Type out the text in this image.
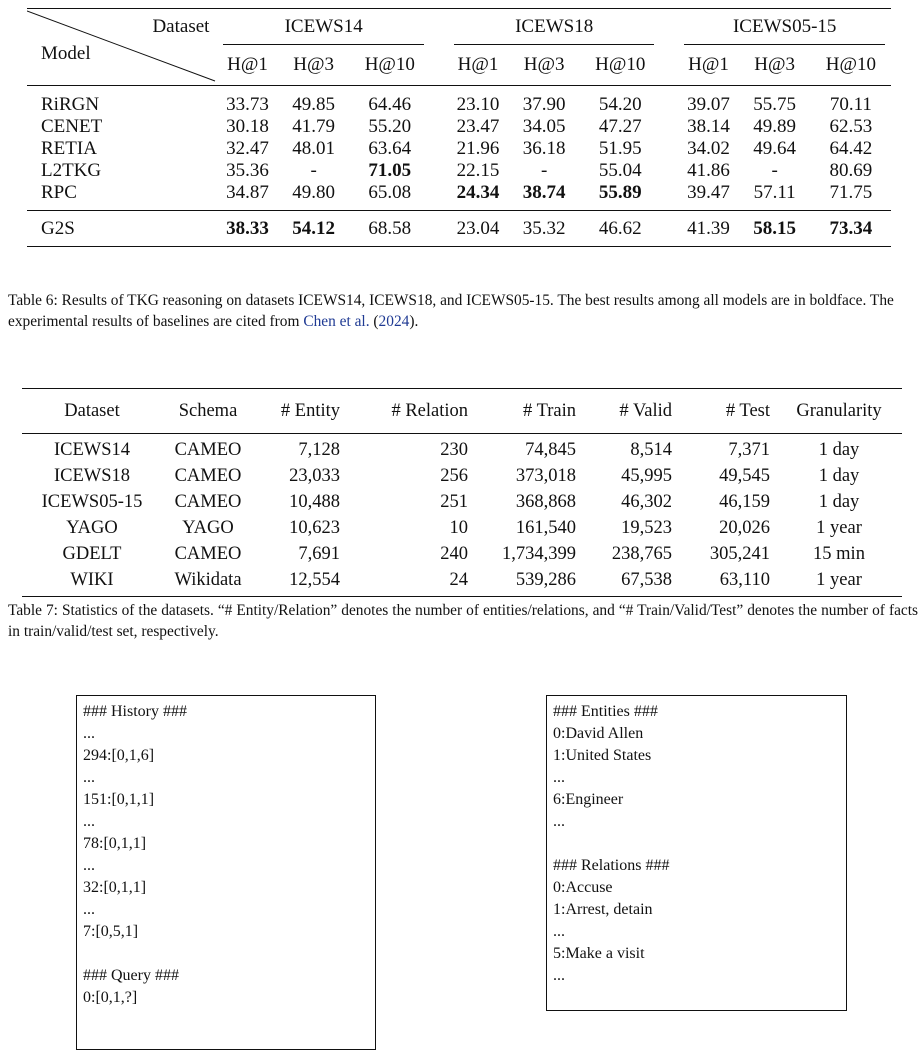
Dataset
Model	ICEWS14				ICEWS18				ICEWS05-15		

	H@1	H@3	H@10		H@1	H@3	H@10		H@1	H@3	H@10

RiRGN	33.73	49.85	64.46		23.10	37.90	54.20		39.07	55.75	70.11
CENET	30.18	41.79	55.20		23.47	34.05	47.27		38.14	49.89	62.53
RETIA	32.47	48.01	63.64		21.96	36.18	51.95		34.02	49.64	64.42
L2TKG	35.36	-	71.05		22.15	-	55.04		41.86	-	80.69
RPC	34.87	49.80	65.08		24.34	38.74	55.89		39.47	57.11	71.75

G2S	38.33	54.12	68.58		23.04	35.32	46.62		41.39	58.15	73.34
Table 6: Results of TKG reasoning on datasets ICEWS14, ICEWS18, and ICEWS05-15. The best results among all models are in boldface. The experimental results of baselines are cited from Chen et al. (2024).
Dataset	Schema	# Entity	# Relation	# Train	# Valid	# Test	Granularity
ICEWS14	CAMEO	7,128	230	74,845	8,514	7,371	1 day
ICEWS18	CAMEO	23,033	256	373,018	45,995	49,545	1 day
ICEWS05-15	CAMEO	10,488	251	368,868	46,302	46,159	1 day
YAGO	YAGO	10,623	10	161,540	19,523	20,026	1 year
GDELT	CAMEO	7,691	240	1,734,399	238,765	305,241	15 min
WIKI	Wikidata	12,554	24	539,286	67,538	63,110	1 year
Table 7: Statistics of the datasets. “# Entity/Relation” denotes the number of entities/relations, and “# Train/Valid/Test” denotes the number of facts in train/valid/test set, respectively.
### History ###
...
294:[0,1,6]
...
151:[0,1,1]
...
78:[0,1,1]
...
32:[0,1,1]
...
7:[0,5,1]
### Query ###
0:[0,1,?]
### Entities ###
0:David Allen
1:United States
...
6:Engineer
...
### Relations ###
0:Accuse
1:Arrest, detain
...
5:Make a visit
...
